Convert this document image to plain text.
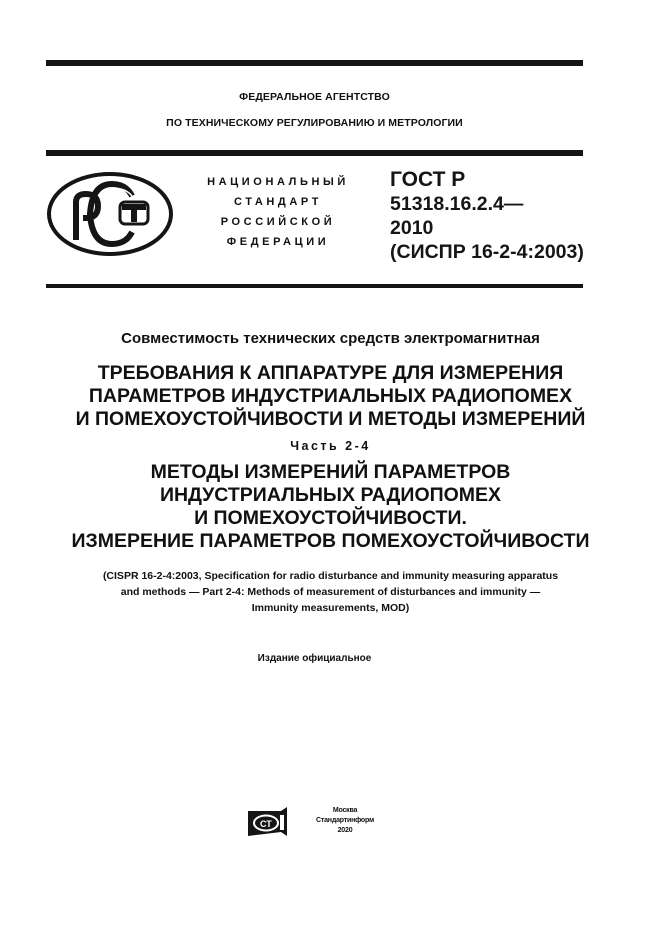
ФЕДЕРАЛЬНОЕ АГЕНТСТВО
ПО ТЕХНИЧЕСКОМУ РЕГУЛИРОВАНИЮ И МЕТРОЛОГИИ
НАЦИОНАЛЬНЫЙ
СТАНДАРТ
РОССИЙСКОЙ
ФЕДЕРАЦИИ
ГОСТ Р
51318.16.2.4—
2010
(СИСПР 16-2-4:2003)
Совместимость технических средств электромагнитная
ТРЕБОВАНИЯ К АППАРАТУРЕ ДЛЯ ИЗМЕРЕНИЯ
ПАРАМЕТРОВ ИНДУСТРИАЛЬНЫХ РАДИОПОМЕХ
И ПОМЕХОУСТОЙЧИВОСТИ И МЕТОДЫ ИЗМЕРЕНИЙ
Часть 2-4
МЕТОДЫ ИЗМЕРЕНИЙ ПАРАМЕТРОВ
ИНДУСТРИАЛЬНЫХ РАДИОПОМЕХ
И ПОМЕХОУСТОЙЧИВОСТИ.
ИЗМЕРЕНИЕ ПАРАМЕТРОВ ПОМЕХОУСТОЙЧИВОСТИ
(CISPR 16-2-4:2003, Specification for radio disturbance and immunity measuring apparatus
and methods — Part 2-4: Methods of measurement of disturbances and immunity —
Immunity measurements, MOD)
Издание официальное
СТ
Москва
Стандартинформ
2020
